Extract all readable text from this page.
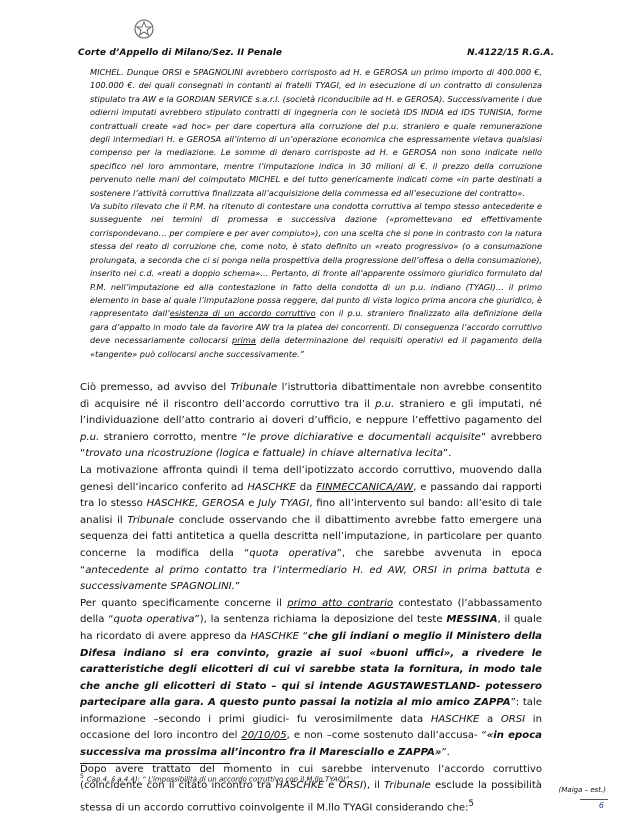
Corte d’Appello di Milano/Sez. II Penale	N.4122/15 R.G.A.

MICHEL. Dunque ORSI e SPAGNOLINI avrebbero corrisposto ad H. e GEROSA un primo importo di 400.000 €, 100.000 €. dei quali consegnati in contanti ai fratelli TYAGI, ed in esecuzione di un contratto di consulenza stipulato tra AW e la GORDIAN SERVICE s.a.r.l. (società riconducibile ad H. e GEROSA). Successivamente i due odierni imputati avrebbero stipulato contratti di ingegneria con le società IDS INDIA ed IDS TUNISIA, forme contrattuali create «ad hoc» per dare copertura alla corruzione del p.u. straniero e quale remunerazione degli intermediari H. e GEROSA all’interno di un’operazione economica che espressamente vietava qualsiasi compenso per la mediazione. Le somme di denaro corrisposte ad H. e GEROSA non sono indicate nello specifico nel loro ammontare, mentre l’imputazione indica in 30 milioni di €. il prezzo della corruzione pervenuto nelle mani del coimputato MICHEL e del tutto genericamente indicati come «in parte destinati a sostenere l’attività corruttiva finalizzata all’acquisizione della commessa ed all’esecuzione del contratto».

Va subito rilevato che il P.M. ha ritenuto di contestare una condotta corruttiva al tempo stesso antecedente e susseguente nei termini di promessa e successiva dazione («promettevano ed effettivamente corrispondevano… per compiere e per aver compiuto»), con una scelta che si pone in contrasto con la natura stessa del reato di corruzione che, come noto, è stato definito un «reato progressivo» (o a consumazione prolungata, a seconda che ci si ponga nella prospettiva della progressione dell’offesa o della consumazione), inserito nei c.d. «reati a doppio schema»… Pertanto, di fronte all’apparente ossimoro giuridico formulato dal P.M. nell’imputazione ed alla contestazione in fatto della condotta di un p.u. indiano (TYAGI)… il primo elemento in base al quale l’imputazione possa reggere, dal punto di vista logico prima ancora che giuridico, è rappresentato dall’esistenza di un accordo corruttivo con il p.u. straniero finalizzato alla definizione della gara d’appalto in modo tale da favorire AW tra la platea dei concorrenti. Di conseguenza l’accordo corruttivo deve necessariamente collocarsi prima della determinazione dei requisiti operativi ed il pagamento della «tangente» può collocarsi anche successivamente.”

Ciò premesso, ad avviso del Tribunale l’istruttoria dibattimentale non avrebbe consentito di acquisire né il riscontro dell’accordo corruttivo tra il p.u. straniero e gli imputati, né l’individuazione dell’atto contrario ai doveri d’ufficio, e neppure l’effettivo pagamento del p.u. straniero corrotto, mentre “le prove dichiarative e documentali acquisite” avrebbero “trovato una ricostruzione (logica e fattuale) in chiave alternativa lecita”.

La motivazione affronta quindi il tema dell’ipotizzato accordo corruttivo, muovendo dalla genesi dell’incarico conferito ad HASCHKE da FINMECCANICA/AW, e passando dai rapporti tra lo stesso HASCHKE, GEROSA e July TYAGI, fino all’intervento sul bando: all’esito di tale analisi il Tribunale conclude osservando che il dibattimento avrebbe fatto emergere una sequenza dei fatti antitetica a quella descritta nell’imputazione, in particolare per quanto concerne la modifica della “quota operativa”, che sarebbe avvenuta in epoca “antecedente al primo contatto tra l’intermediario H. ed AW, ORSI in prima battuta e successivamente SPAGNOLINI.”

Per quanto specificamente concerne il primo atto contrario contestato (l’abbassamento della “quota operativa”), la sentenza richiama la deposizione del teste MESSINA, il quale ha ricordato di avere appreso da HASCHKE “che gli indiani o meglio il Ministero della Difesa indiano si era convinto, grazie ai suoi «buoni uffici», a rivedere le caratteristiche degli elicotteri di cui vi sarebbe stata la fornitura, in modo tale che anche gli elicotteri di Stato – qui si intende AGUSTAWESTLAND- potessero partecipare alla gara. A questo punto passai la notizia al mio amico ZAPPA”: tale informazione –secondo i primi giudici- fu verosimilmente data HASCHKE a ORSI in occasione del loro incontro del 20/10/05, e non –come sostenuto dall’accusa- “«in epoca successiva ma prossima all’incontro fra il Maresciallo e ZAPPA»”.

Dopo avere trattato del momento in cui sarebbe intervenuto l’accordo corruttivo (coincidente con il citato incontro tra HASCHKE e ORSI), il Tribunale esclude la possibilità stessa di un accordo corruttivo coinvolgente il M.llo TYAGI considerando che:$^5$

$^5$ Cap.4, § a.4.4): “ L’impossibilità di un accordo corruttivo con il M.llo TYAGI”
(Maiga – est.)
6
